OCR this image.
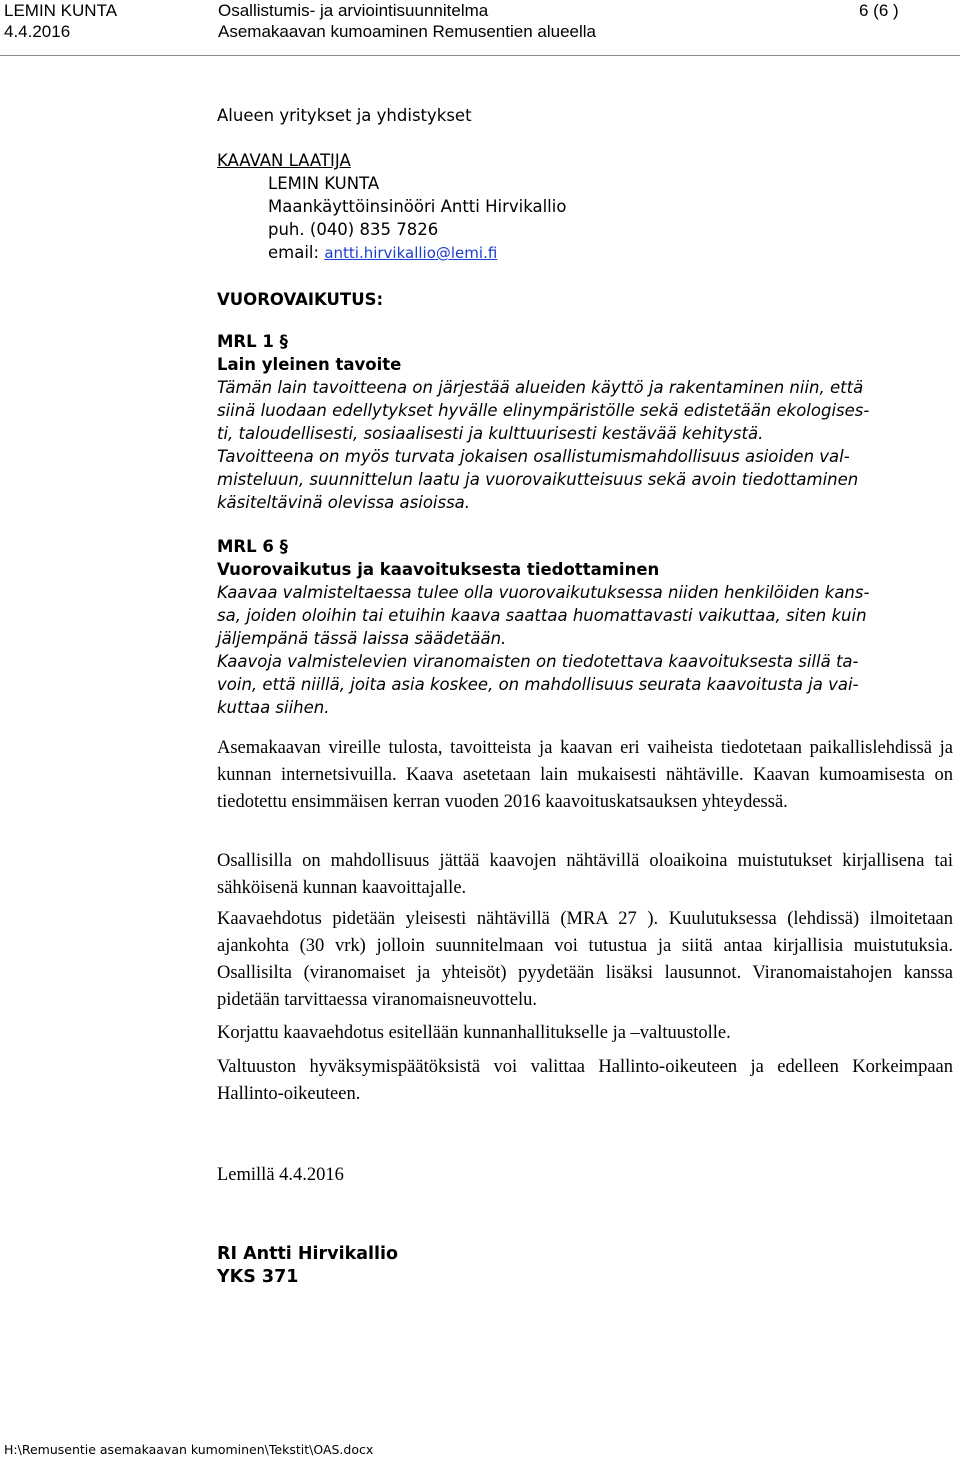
LEMIN KUNTA
4.4.2016
Osallistumis- ja arviointisuunnitelma
Asemakaavan kumoaminen Remusentien alueella
6 (6 )
Alueen yritykset ja yhdistykset
KAAVAN LAATIJA
LEMIN KUNTA
Maankäyttöinsinööri Antti Hirvikallio
puh. (040) 835 7826
email: antti.hirvikallio@lemi.fi
VUOROVAIKUTUS:
MRL 1 §
Lain yleinen tavoite
Tämän lain tavoitteena on järjestää alueiden käyttö ja rakentaminen niin, että
siinä luodaan edellytykset hyvälle elinympäristölle sekä edistetään ekologises-
ti, taloudellisesti, sosiaalisesti ja kulttuurisesti kestävää kehitystä.
Tavoitteena on myös turvata jokaisen osallistumismahdollisuus asioiden val-
misteluun, suunnittelun laatu ja vuorovaikutteisuus sekä avoin tiedottaminen
käsiteltävinä olevissa asioissa.
MRL 6 §
Vuorovaikutus ja kaavoituksesta tiedottaminen
Kaavaa valmisteltaessa tulee olla vuorovaikutuksessa niiden henkilöiden kans-
sa, joiden oloihin tai etuihin kaava saattaa huomattavasti vaikuttaa, siten kuin
jäljempänä tässä laissa säädetään.
Kaavoja valmistelevien viranomaisten on tiedotettava kaavoituksesta sillä ta-
voin, että niillä, joita asia koskee, on mahdollisuus seurata kaavoitusta ja vai-
kuttaa siihen.
Asemakaavan vireille tulosta, tavoitteista ja kaavan eri vaiheista tiedotetaan paikallislehdissä ja kunnan internetsivuilla. Kaava asetetaan lain mukaisesti nähtäville. Kaavan kumoamisesta on tiedotettu ensimmäisen kerran vuoden 2016 kaavoituskatsauksen yhteydessä.
Osallisilla on mahdollisuus jättää kaavojen nähtävillä oloaikoina muistutukset kirjallisena tai sähköisenä kunnan kaavoittajalle.
Kaavaehdotus pidetään yleisesti nähtävillä (MRA 27 ). Kuulutuksessa (lehdissä) ilmoitetaan ajankohta (30 vrk) jolloin suunnitelmaan voi tutustua ja siitä antaa kirjallisia muistutuksia. Osallisilta (viranomaiset ja yhteisöt) pyydetään lisäksi lausunnot. Viranomaistahojen kanssa pidetään tarvittaessa viranomaisneuvottelu.
Korjattu kaavaehdotus esitellään kunnanhallitukselle ja –valtuustolle.
Valtuuston hyväksymispäätöksistä voi valittaa Hallinto-oikeuteen ja edelleen Korkeimpaan Hallinto-oikeuteen.
Lemillä 4.4.2016
RI Antti Hirvikallio
YKS 371
H:\Remusentie asemakaavan kumominen\Tekstit\OAS.docx
